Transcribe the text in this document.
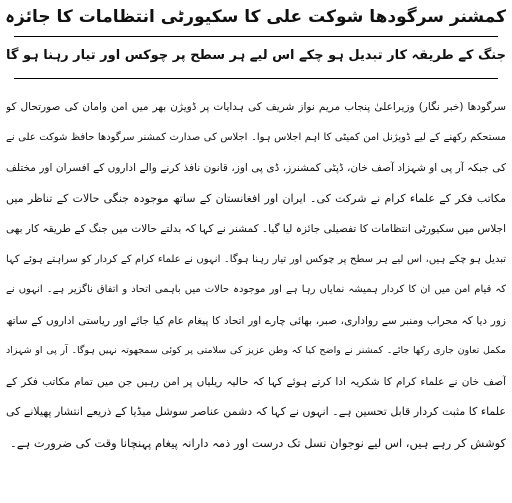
کمشنر سرگودھا شوکت علی کا سکیورٹی انتظامات کا جائزہ
جنگ کے طریقہ کار تبدیل ہو چکے اس لیے ہر سطح پر چوکس اور تیار رہنا ہو گا
سرگودھا (خبر نگار) وزیراعلیٰ پنجاب مریم نواز شریف کی ہدایات پر ڈویژن بھر میں امن وامان کی صورتحال کو
مستحکم رکھنے کے لیے ڈویژنل امن کمیٹی کا اہم اجلاس ہوا۔ اجلاس کی صدارت کمشنر سرگودھا حافظ شوکت علی نے
کی جبکہ آر پی او شہزاد آصف خان، ڈپٹی کمشنرز، ڈی پی اوز، قانون نافذ کرنے والے اداروں کے افسران اور مختلف
مکاتب فکر کے علماء کرام نے شرکت کی۔ ایران اور افغانستان کے ساتھ موجودہ جنگی حالات کے تناظر میں
اجلاس میں سکیورٹی انتظامات کا تفصیلی جائزہ لیا گیا۔ کمشنر نے کہا کہ بدلتے حالات میں جنگ کے طریقہ کار بھی
تبدیل ہو چکے ہیں، اس لیے ہر سطح پر چوکس اور تیار رہنا ہوگا۔ انہوں نے علماء کرام کے کردار کو سراہتے ہوئے کہا
کہ قیام امن میں ان کا کردار ہمیشہ نمایاں رہا ہے اور موجودہ حالات میں باہمی اتحاد و اتفاق ناگزیر ہے۔ انہوں نے
زور دیا کہ محراب ومنبر سے رواداری، صبر، بھائی چارے اور اتحاد کا پیغام عام کیا جائے اور ریاستی اداروں کے ساتھ
مکمل تعاون جاری رکھا جائے۔ کمشنر نے واضح کیا کہ وطن عزیز کی سلامتی پر کوئی سمجھوتہ نہیں ہوگا۔ آر پی او شہزاد
آصف خان نے علماء کرام کا شکریہ ادا کرتے ہوئے کہا کہ حالیہ ریلیاں پر امن رہیں جن میں تمام مکاتب فکر کے
علماء کا مثبت کردار قابل تحسین ہے۔ انہوں نے کہا کہ دشمن عناصر سوشل میڈیا کے ذریعے انتشار پھیلانے کی
کوشش کر رہے ہیں، اس لیے نوجوان نسل تک درست اور ذمہ دارانہ پیغام پہنچانا وقت کی ضرورت ہے۔
